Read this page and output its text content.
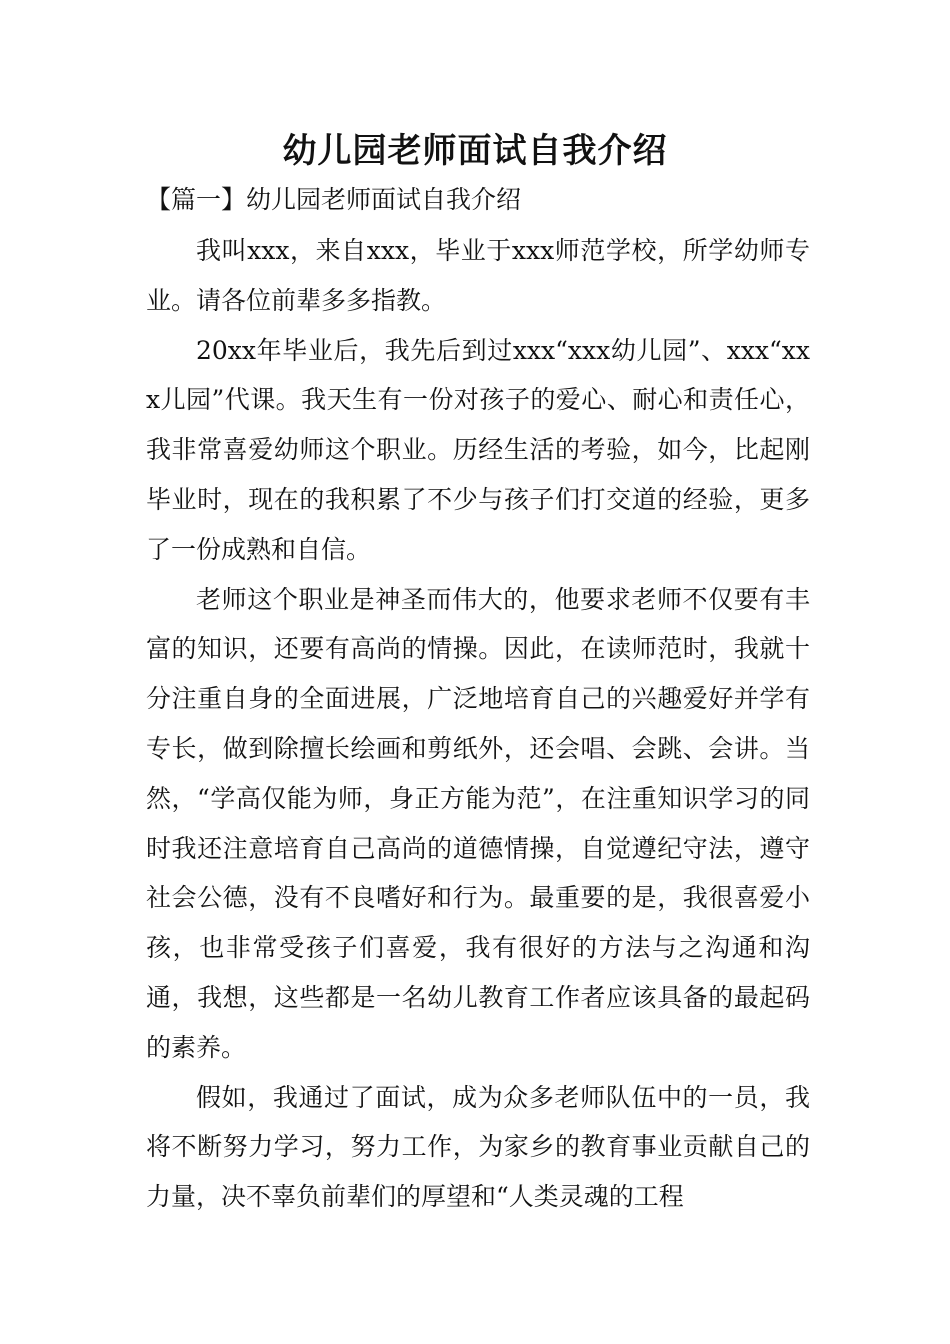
幼儿园老师面试自我介绍
【篇一】幼儿园老师面试自我介绍

我叫xxx，来自xxx，毕业于xxx师范学校，所学幼师专业。请各位前辈多多指教。

20xx年毕业后，我先后到过xxx“xxx幼儿园”、xxx“xxx儿园”代课。我天生有一份对孩子的爱心、耐心和责任心，我非常喜爱幼师这个职业。历经生活的考验，如今，比起刚毕业时，现在的我积累了不少与孩子们打交道的经验，更多了一份成熟和自信。

老师这个职业是神圣而伟大的，他要求老师不仅要有丰富的知识，还要有高尚的情操。因此，在读师范时，我就十分注重自身的全面进展，广泛地培育自己的兴趣爱好并学有专长，做到除擅长绘画和剪纸外，还会唱、会跳、会讲。当然，“学高仅能为师，身正方能为范”，在注重知识学习的同时我还注意培育自己高尚的道德情操，自觉遵纪守法，遵守社会公德，没有不良嗜好和行为。最重要的是，我很喜爱小孩，也非常受孩子们喜爱，我有很好的方法与之沟通和沟通，我想，这些都是一名幼儿教育工作者应该具备的最起码的素养。

假如，我通过了面试，成为众多老师队伍中的一员，我将不断努力学习，努力工作，为家乡的教育事业贡献自己的力量，决不辜负前辈们的厚望和“人类灵魂的工程
